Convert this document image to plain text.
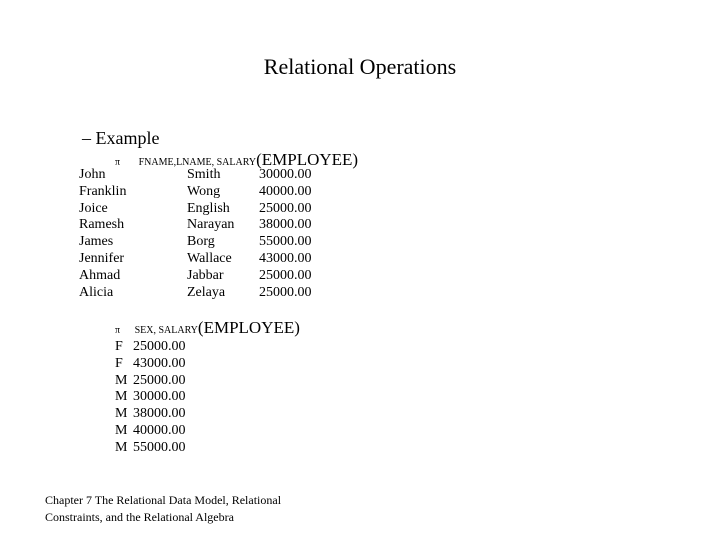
Relational Operations
– Example
π FNAME,LNAME, SALARY(EMPLOYEE)
John	Smith	30000.00
Franklin	Wong	40000.00
Joice	English 25000.00
Ramesh	Narayan 38000.00
James	Borg	55000.00
Jennifer	Wallace 43000.00
Ahmad	Jabbar	25000.00
Alicia	Zelaya 25000.00
π SEX, SALARY(EMPLOYEE)
F 25000.00
F 43000.00
M 25000.00
M 30000.00
M 38000.00
M 40000.00
M 55000.00
Chapter 7 The Relational Data Model, Relational Constraints, and the Relational Algebra
